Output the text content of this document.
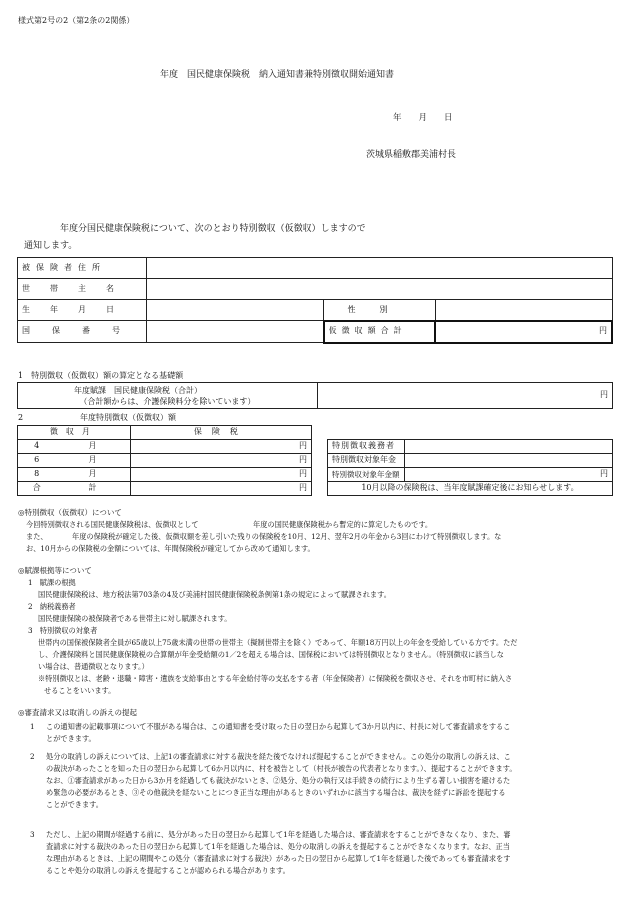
様式第2号の2（第2条の2関係）
年度　国民健康保険税　納入通知書兼特別徴収開始通知書
年　　月　　日
茨城県稲敷郡美浦村長
年度分国民健康保険税について、次のとおり特別徴収（仮徴収）しますので
通知します。
被保険者住所			
世帯主名			
生年月日		性別	
国保番号		仮徴収額合計	円
1　特別徴収（仮徴収）額の算定となる基礎額
年度賦課　国民健康保険税（合計）
（合計額からは、介護保険料分を除いています）
	円
2	年度特別徴収（仮徴収）額
徴収月		保険税
4	月	円
6	月	円
8	月	円
合	計	円
特別徴収義務者	
特別徴収対象年金	
特別徴収対象年金額	円
10月以降の保険税は、当年度賦課確定後にお知らせします。	
◎特別徴収（仮徴収）について
今回特別徴収される国民健康保険税は、仮徴収として	年度の国民健康保険税から暫定的に算定したものです。
また、	年度の保険税が確定した後、仮徴収額を差し引いた残りの保険税を10月、12月、翌年2月の年金から3回にわけて特別徴収します。な
お、10月からの保険税の金額については、年間保険税が確定してから改めて通知します。
◎賦課根拠等について
1　賦課の根拠
国民健康保険税は、地方税法第703条の4及び美浦村国民健康保険税条例第1条の規定によって賦課されます。
2　納税義務者
国民健康保険の被保険者である世帯主に対し賦課されます。
3　特別徴収の対象者
世帯内の国保被保険者全員が65歳以上75歳未満の世帯の世帯主（擬制世帯主を除く）であって、年額18万円以上の年金を受給している方です。ただ
し、介護保険料と国民健康保険税の合算額が年金受給額の1／2を超える場合は、国保税においては特別徴収となりません。（特別徴収に該当しな
い場合は、普通徴収となります。）
※特別徴収とは、老齢・退職・障害・遺族を支給事由とする年金給付等の支払をする者（年金保険者）に保険税を徴収させ、それを市町村に納入さ
せることをいいます。
◎審査請求又は取消しの訴えの提起
1 この通知書の記載事項について不服がある場合は、この通知書を受け取った日の翌日から起算して3か月以内に、村長に対して審査請求をするこ
とができます。
2 処分の取消しの訴えについては、上記1の審査請求に対する裁決を経た後でなければ提起することができません。この処分の取消しの訴えは、こ
の裁決があったことを知った日の翌日から起算して6か月以内に、村を被告として（村長が被告の代表者となります。）、提起することができます。
なお、①審査請求があった日から3か月を経過しても裁決がないとき、②処分、処分の執行又は手続きの続行により生ずる著しい損害を避けるた
め緊急の必要があるとき、③その他裁決を経ないことにつき正当な理由があるときのいずれかに該当する場合は、裁決を経ずに訴訟を提起する
ことができます。
3 ただし、上記の期間が経過する前に、処分があった日の翌日から起算して1年を経過した場合は、審査請求をすることができなくなり、また、審
査請求に対する裁決のあった日の翌日から起算して1年を経過した場合は、処分の取消しの訴えを提起することができなくなります。なお、正当
な理由があるときは、上記の期間やこの処分（審査請求に対する裁決）があった日の翌日から起算して1年を経過した後であっても審査請求をす
ることや処分の取消しの訴えを提起することが認められる場合があります。
